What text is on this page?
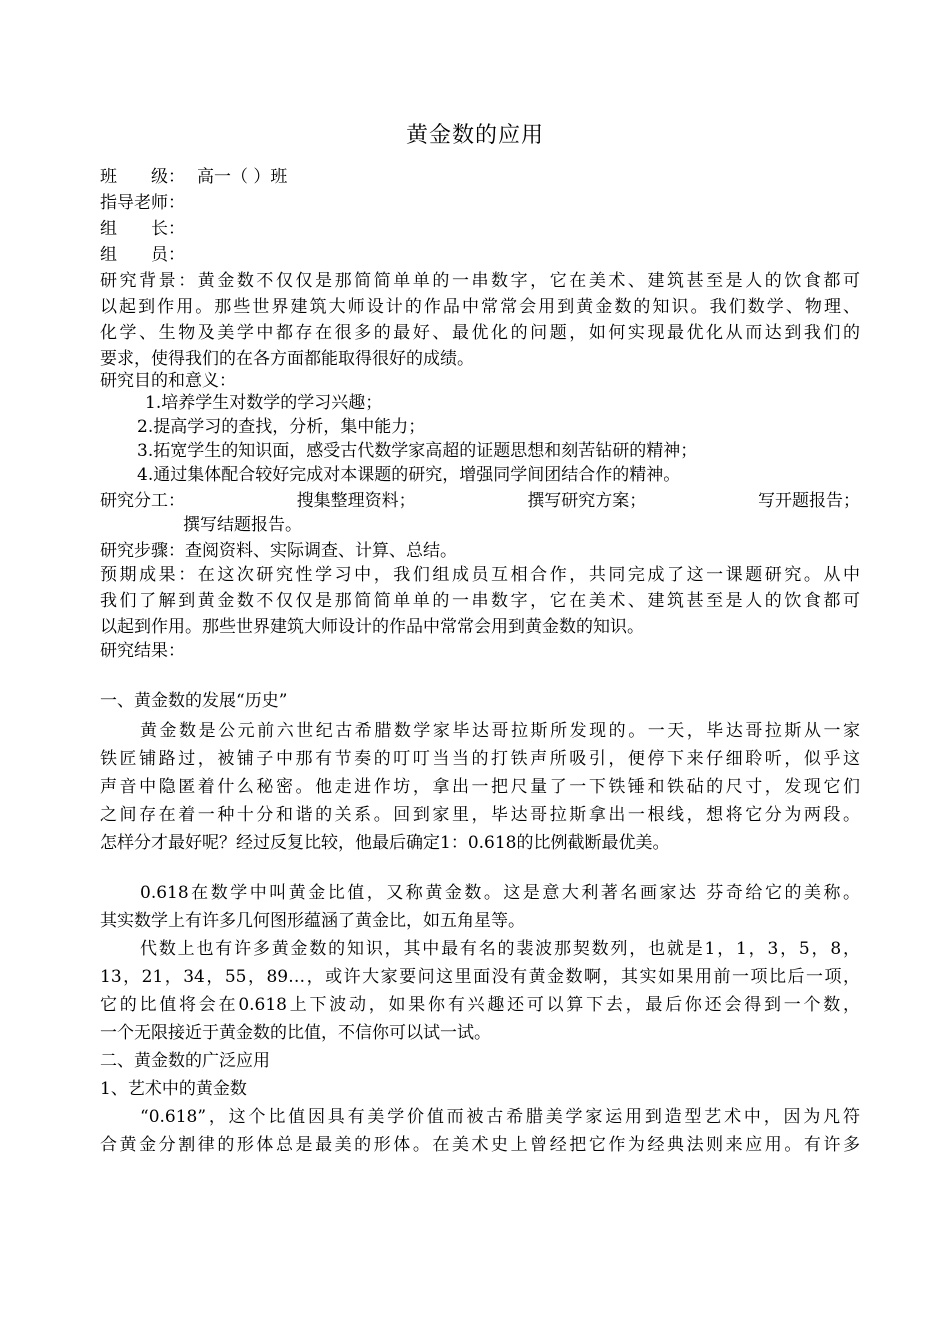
黄金数的应用
班　　级： 高一（ ）班
指导老师：
组　　长：
组　　员：
研究背景：黄金数不仅仅是那简简单单的一串数字，它在美术、建筑甚至是人的饮食都可
以起到作用。那些世界建筑大师设计的作品中常常会用到黄金数的知识。我们数学、物理、
化学、生物及美学中都存在很多的最好、最优化的问题，如何实现最优化从而达到我们的
要求，使得我们的在各方面都能取得很好的成绩。
研究目的和意义：
1.培养学生对数学的学习兴趣；
2.提高学习的查找，分析，集中能力；
3.拓宽学生的知识面，感受古代数学家高超的证题思想和刻苦钻研的精神；
4.通过集体配合较好完成对本课题的研究，增强同学间团结合作的精神。
研究分工：	搜集整理资料；	撰写研究方案；	写开题报告；
撰写结题报告。
研究步骤：查阅资料、实际调查、计算、总结。
预期成果：在这次研究性学习中，我们组成员互相合作，共同完成了这一课题研究。从中
我们了解到黄金数不仅仅是那简简单单的一串数字，它在美术、建筑甚至是人的饮食都可
以起到作用。那些世界建筑大师设计的作品中常常会用到黄金数的知识。
研究结果：
一、黄金数的发展“历史”
黄金数是公元前六世纪古希腊数学家毕达哥拉斯所发现的。一天，毕达哥拉斯从一家
铁匠铺路过，被铺子中那有节奏的叮叮当当的打铁声所吸引，便停下来仔细聆听，似乎这
声音中隐匿着什么秘密。他走进作坊，拿出一把尺量了一下铁锤和铁砧的尺寸，发现它们
之间存在着一种十分和谐的关系。回到家里，毕达哥拉斯拿出一根线，想将它分为两段。
怎样分才最好呢？经过反复比较，他最后确定1：0.618的比例截断最优美。
0.618在数学中叫黄金比值，又称黄金数。这是意大利著名画家达 芬奇给它的美称。
其实数学上有许多几何图形蕴涵了黄金比，如五角星等。
代数上也有许多黄金数的知识，其中最有名的裴波那契数列，也就是1，1，3，5，8，
13，21，34，55，89…，或许大家要问这里面没有黄金数啊，其实如果用前一项比后一项，
它的比值将会在0.618上下波动，如果你有兴趣还可以算下去，最后你还会得到一个数，
一个无限接近于黄金数的比值，不信你可以试一试。
二、黄金数的广泛应用
1、艺术中的黄金数
“0.618”，这个比值因具有美学价值而被古希腊美学家运用到造型艺术中，因为凡符
合黄金分割律的形体总是最美的形体。在美术史上曾经把它作为经典法则来应用。有许多
